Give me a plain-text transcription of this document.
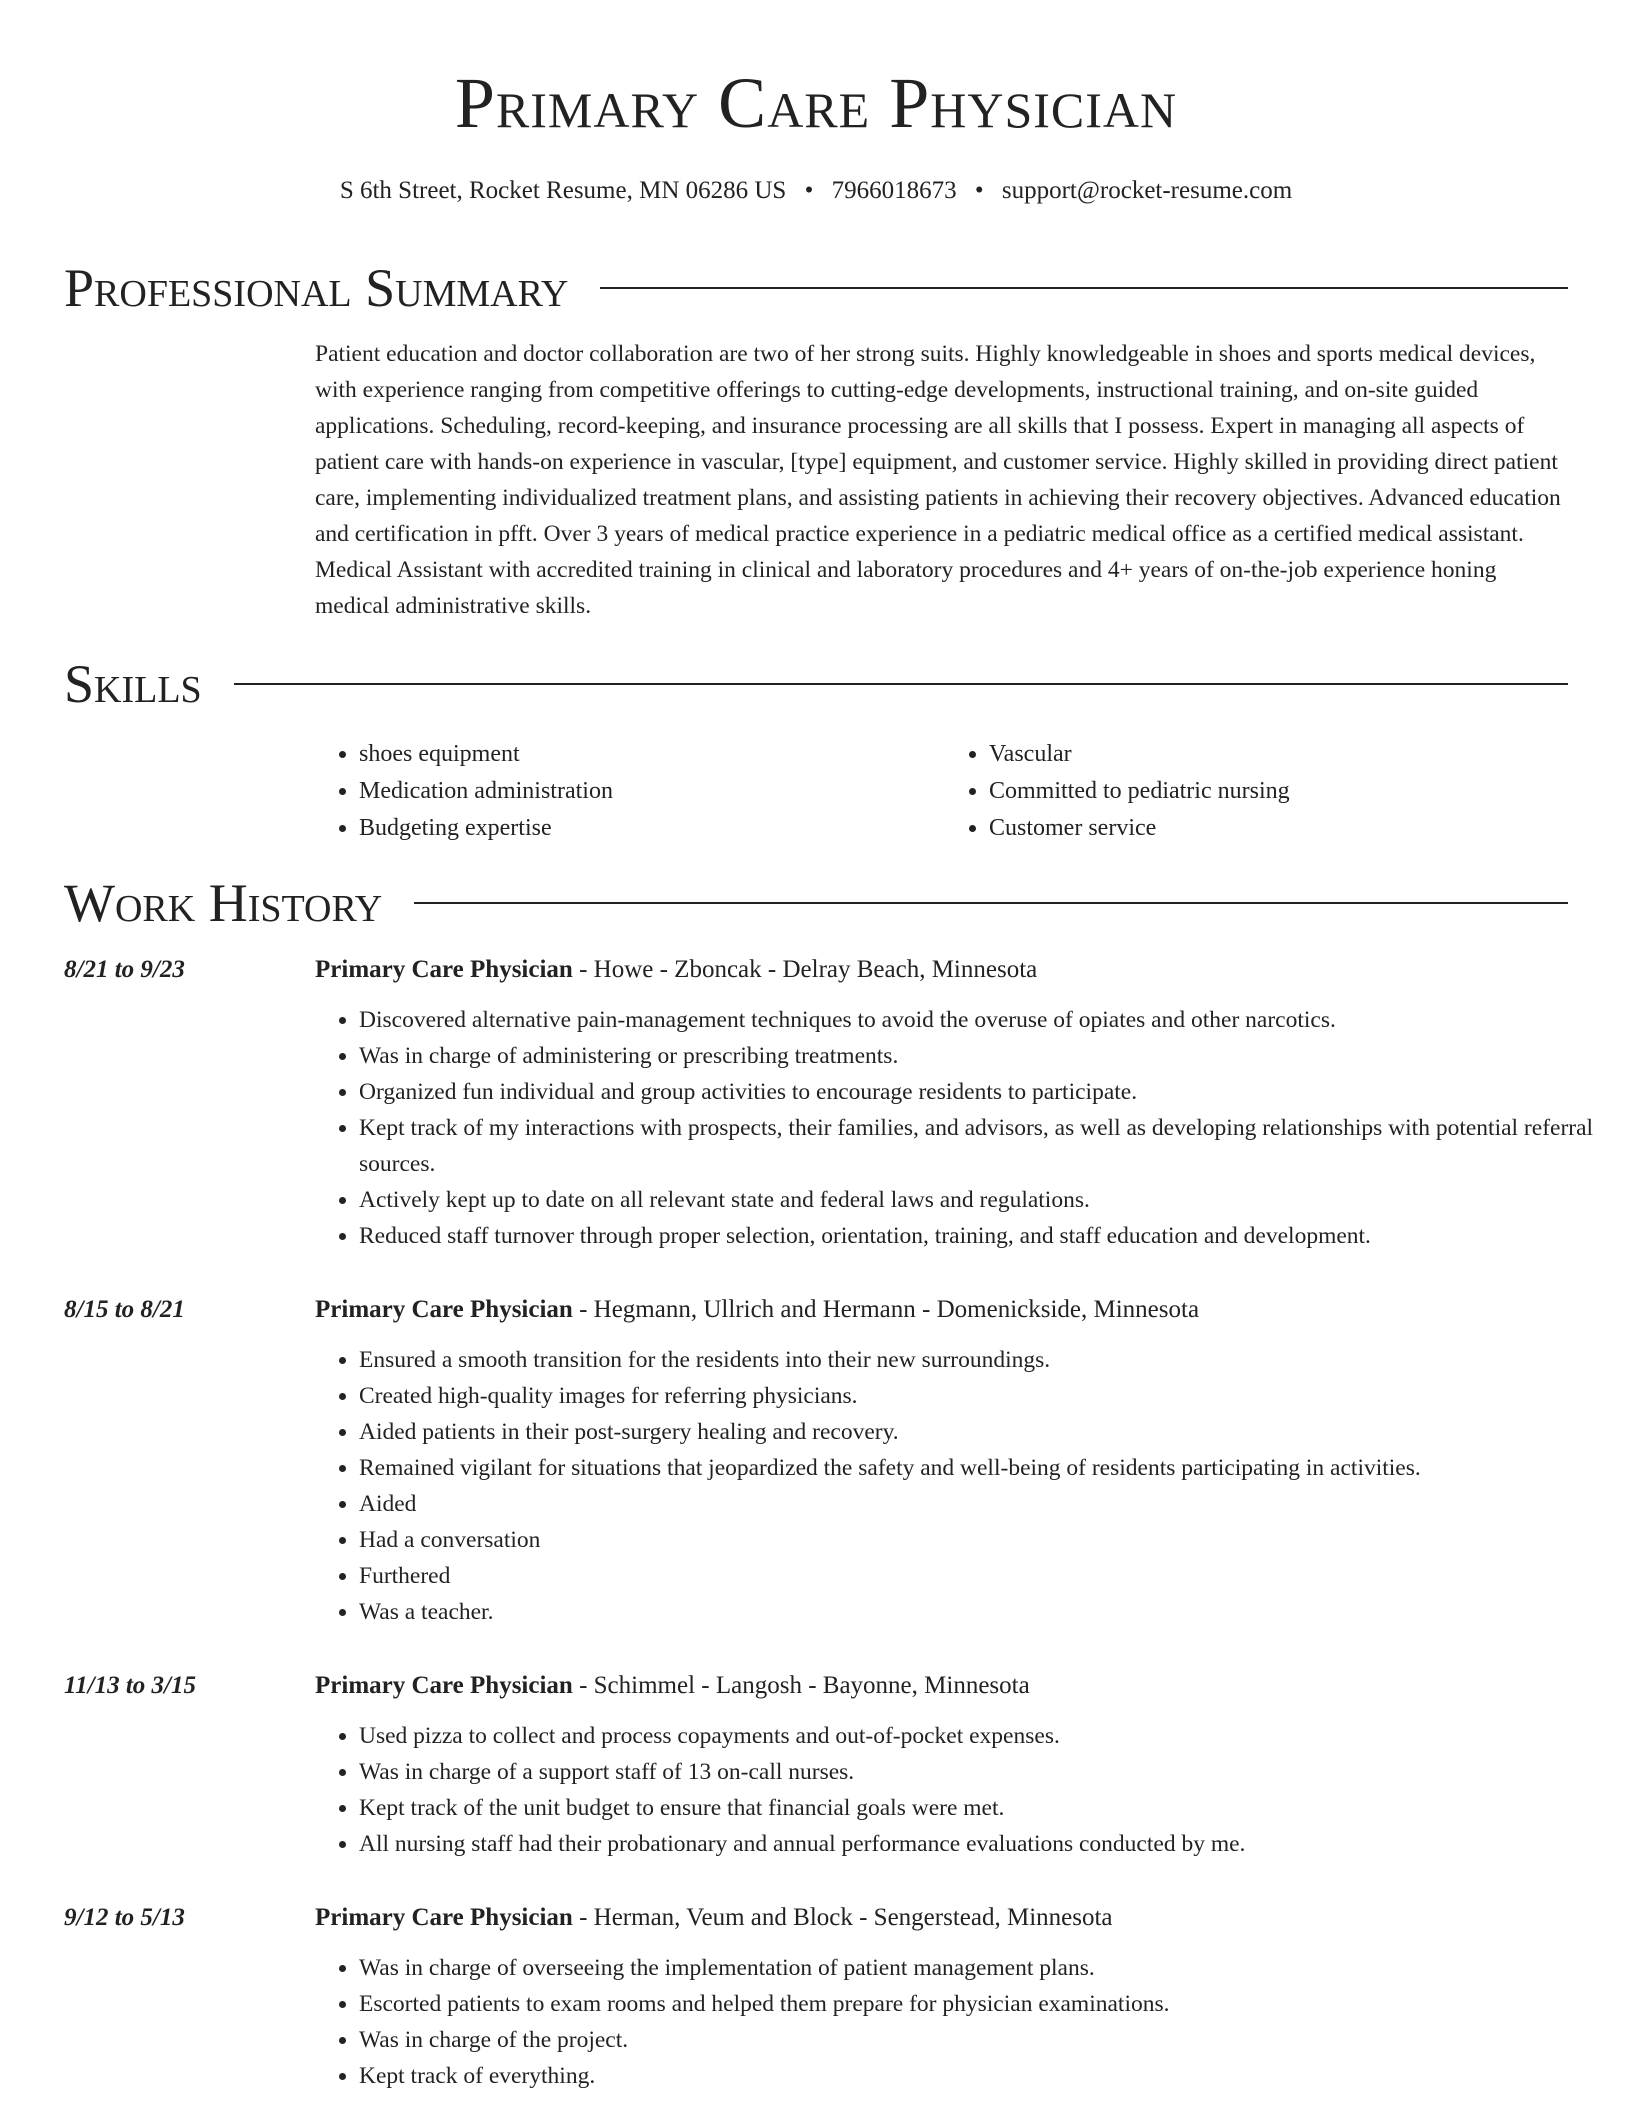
Primary Care Physician
S 6th Street, Rocket Resume, MN 06286 US • 7966018673 • support@rocket-resume.com
Professional Summary

Patient education and doctor collaboration are two of her strong suits. Highly knowledgeable in shoes and sports medical devices, with experience ranging from competitive offerings to cutting-edge developments, instructional training, and on-site guided applications. Scheduling, record-keeping, and insurance processing are all skills that I possess. Expert in managing all aspects of patient care with hands-on experience in vascular, [type] equipment, and customer service. Highly skilled in providing direct patient care, implementing individualized treatment plans, and assisting patients in achieving their recovery objectives. Advanced education and certification in pfft. Over 3 years of medical practice experience in a pediatric medical office as a certified medical assistant. Medical Assistant with accredited training in clinical and laboratory procedures and 4+ years of on-the-job experience honing medical administrative skills.

Skills
• shoes equipment
• Medication administration
• Budgeting expertise
• Vascular
• Committed to pediatric nursing
• Customer service
Work History
8/21 to 9/23	Primary Care Physician - Howe - Zboncak - Delray Beach, Minnesota
• Discovered alternative pain-management techniques to avoid the overuse of opiates and other narcotics.
• Was in charge of administering or prescribing treatments.
• Organized fun individual and group activities to encourage residents to participate.
• Kept track of my interactions with prospects, their families, and advisors, as well as developing relationships with potential referral sources.
• Actively kept up to date on all relevant state and federal laws and regulations.
• Reduced staff turnover through proper selection, orientation, training, and staff education and development.
8/15 to 8/21	Primary Care Physician - Hegmann, Ullrich and Hermann - Domenickside, Minnesota
• Ensured a smooth transition for the residents into their new surroundings.
• Created high-quality images for referring physicians.
• Aided patients in their post-surgery healing and recovery.
• Remained vigilant for situations that jeopardized the safety and well-being of residents participating in activities.
• Aided
• Had a conversation
• Furthered
• Was a teacher.
11/13 to 3/15	Primary Care Physician - Schimmel - Langosh - Bayonne, Minnesota
• Used pizza to collect and process copayments and out-of-pocket expenses.
• Was in charge of a support staff of 13 on-call nurses.
• Kept track of the unit budget to ensure that financial goals were met.
• All nursing staff had their probationary and annual performance evaluations conducted by me.
9/12 to 5/13	Primary Care Physician - Herman, Veum and Block - Sengerstead, Minnesota
• Was in charge of overseeing the implementation of patient management plans.
• Escorted patients to exam rooms and helped them prepare for physician examinations.
• Was in charge of the project.
• Kept track of everything.
